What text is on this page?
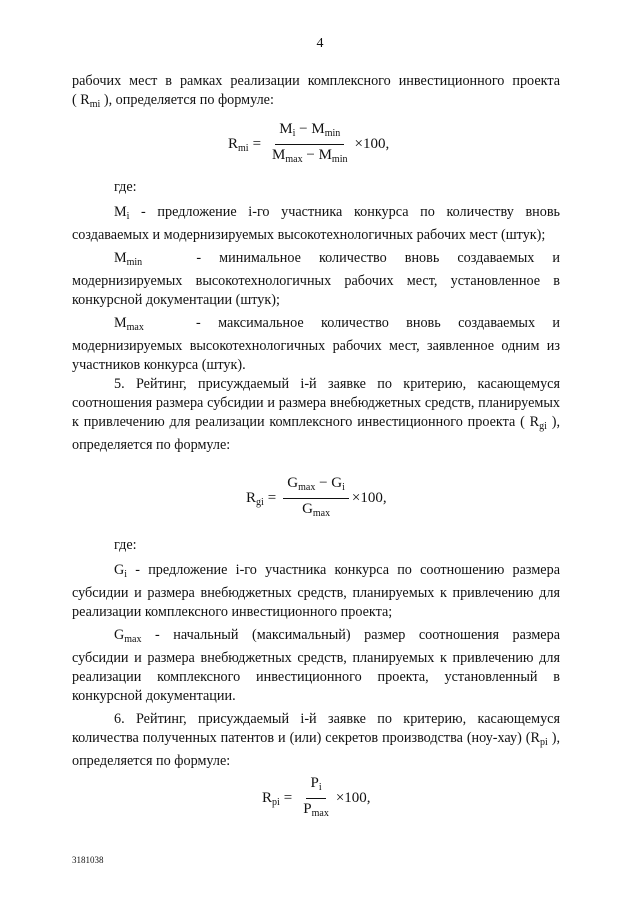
4
рабочих мест в рамках реализации комплексного инвестиционного проекта
( $R_{mi}$ ), определяется по формуле:
R mi = $\frac{M_i - M_{min}}{M_{max} - M_{min}} \times 100$ ,
где:
$M_i$ - предложение i-го участника конкурса по количеству вновь создаваемых и модернизируемых высокотехнологичных рабочих мест (штук);
$M_{min}$	- минимальное количество вновь создаваемых и
модернизируемых высокотехнологичных рабочих мест, установленное в конкурсной документации (штук);
$M_{max}$	- максимальное количество вновь создаваемых и
модернизируемых высокотехнологичных рабочих мест, заявленное одним из участников конкурса (штук).
5. Рейтинг, присуждаемый i-й заявке по критерию, касающемуся соотношения размера субсидии и размера внебюджетных средств, планируемых к привлечению для реализации комплексного инвестиционного проекта ( $R_{gi}$ ), определяется по формуле:
R gi = $\frac{G_{max} - G_i}{G_{max}} \times 100$ ,
где:
$G_i$ - предложение i-го участника конкурса по соотношению размера субсидии и размера внебюджетных средств, планируемых к привлечению для реализации комплексного инвестиционного проекта;
$G_{max}$ - начальный (максимальный) размер соотношения размера субсидии и размера внебюджетных средств, планируемых к привлечению для реализации комплексного инвестиционного проекта, установленный в конкурсной документации.
6. Рейтинг, присуждаемый i-й заявке по критерию, касающемуся количества полученных патентов и (или) секретов производства (ноу-хау) ($R_{pi}$ ), определяется по формуле:
R pi = $\frac{P_i}{P_{max}} \times 100$ ,
3181038
